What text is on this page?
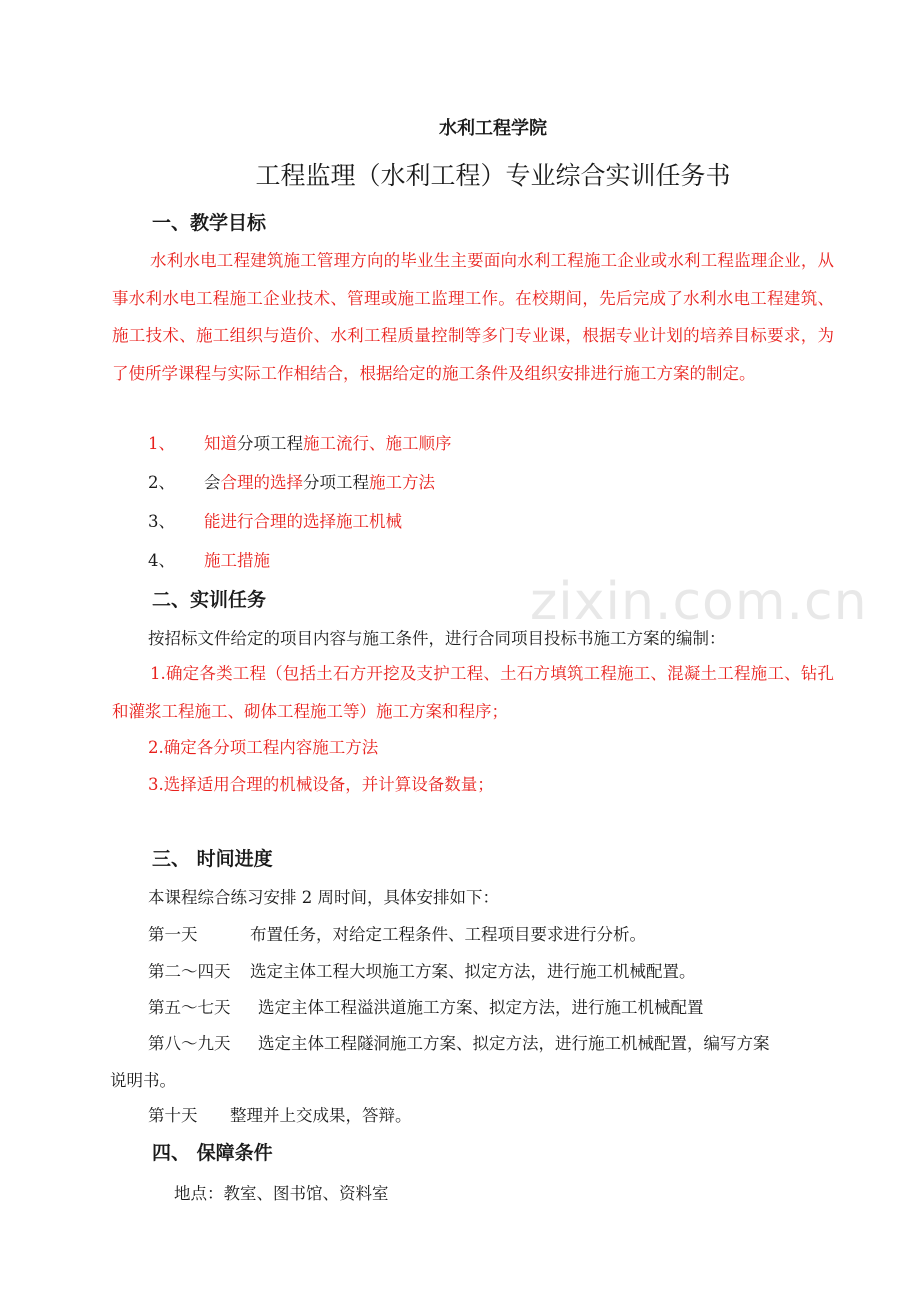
zixin.com.cn
水利工程学院
工程监理（水利工程）专业综合实训任务书
一、教学目标
水利水电工程建筑施工管理方向的毕业生主要面向水利工程施工企业或水利工程监理企业，从事水利水电工程施工企业技术、管理或施工监理工作。在校期间，先后完成了水利水电工程建筑、施工技术、施工组织与造价、水利工程质量控制等多门专业课，根据专业计划的培养目标要求，为了使所学课程与实际工作相结合，根据给定的施工条件及组织安排进行施工方案的制定。
1、 知道分项工程施工流行、施工顺序
2、 会合理的选择分项工程施工方法
3、 能进行合理的选择施工机械
4、 施工措施
二、实训任务
按招标文件给定的项目内容与施工条件，进行合同项目投标书施工方案的编制：
1.确定各类工程（包括土石方开挖及支护工程、土石方填筑工程施工、混凝土工程施工、钻孔和灌浆工程施工、砌体工程施工等）施工方案和程序；
2.确定各分项工程内容施工方法
3.选择适用合理的机械设备，并计算设备数量；
三、 时间进度
本课程综合练习安排 2 周时间，具体安排如下：
第一天	布置任务，对给定工程条件、工程项目要求进行分析。
第二～四天 选定主体工程大坝施工方案、拟定方法，进行施工机械配置。
第五～七天 选定主体工程溢洪道施工方案、拟定方法，进行施工机械配置
第八～九天 选定主体工程隧洞施工方案、拟定方法，进行施工机械配置，编写方案
说明书。
第十天 整理并上交成果，答辩。
四、 保障条件
地点：教室、图书馆、资料室
